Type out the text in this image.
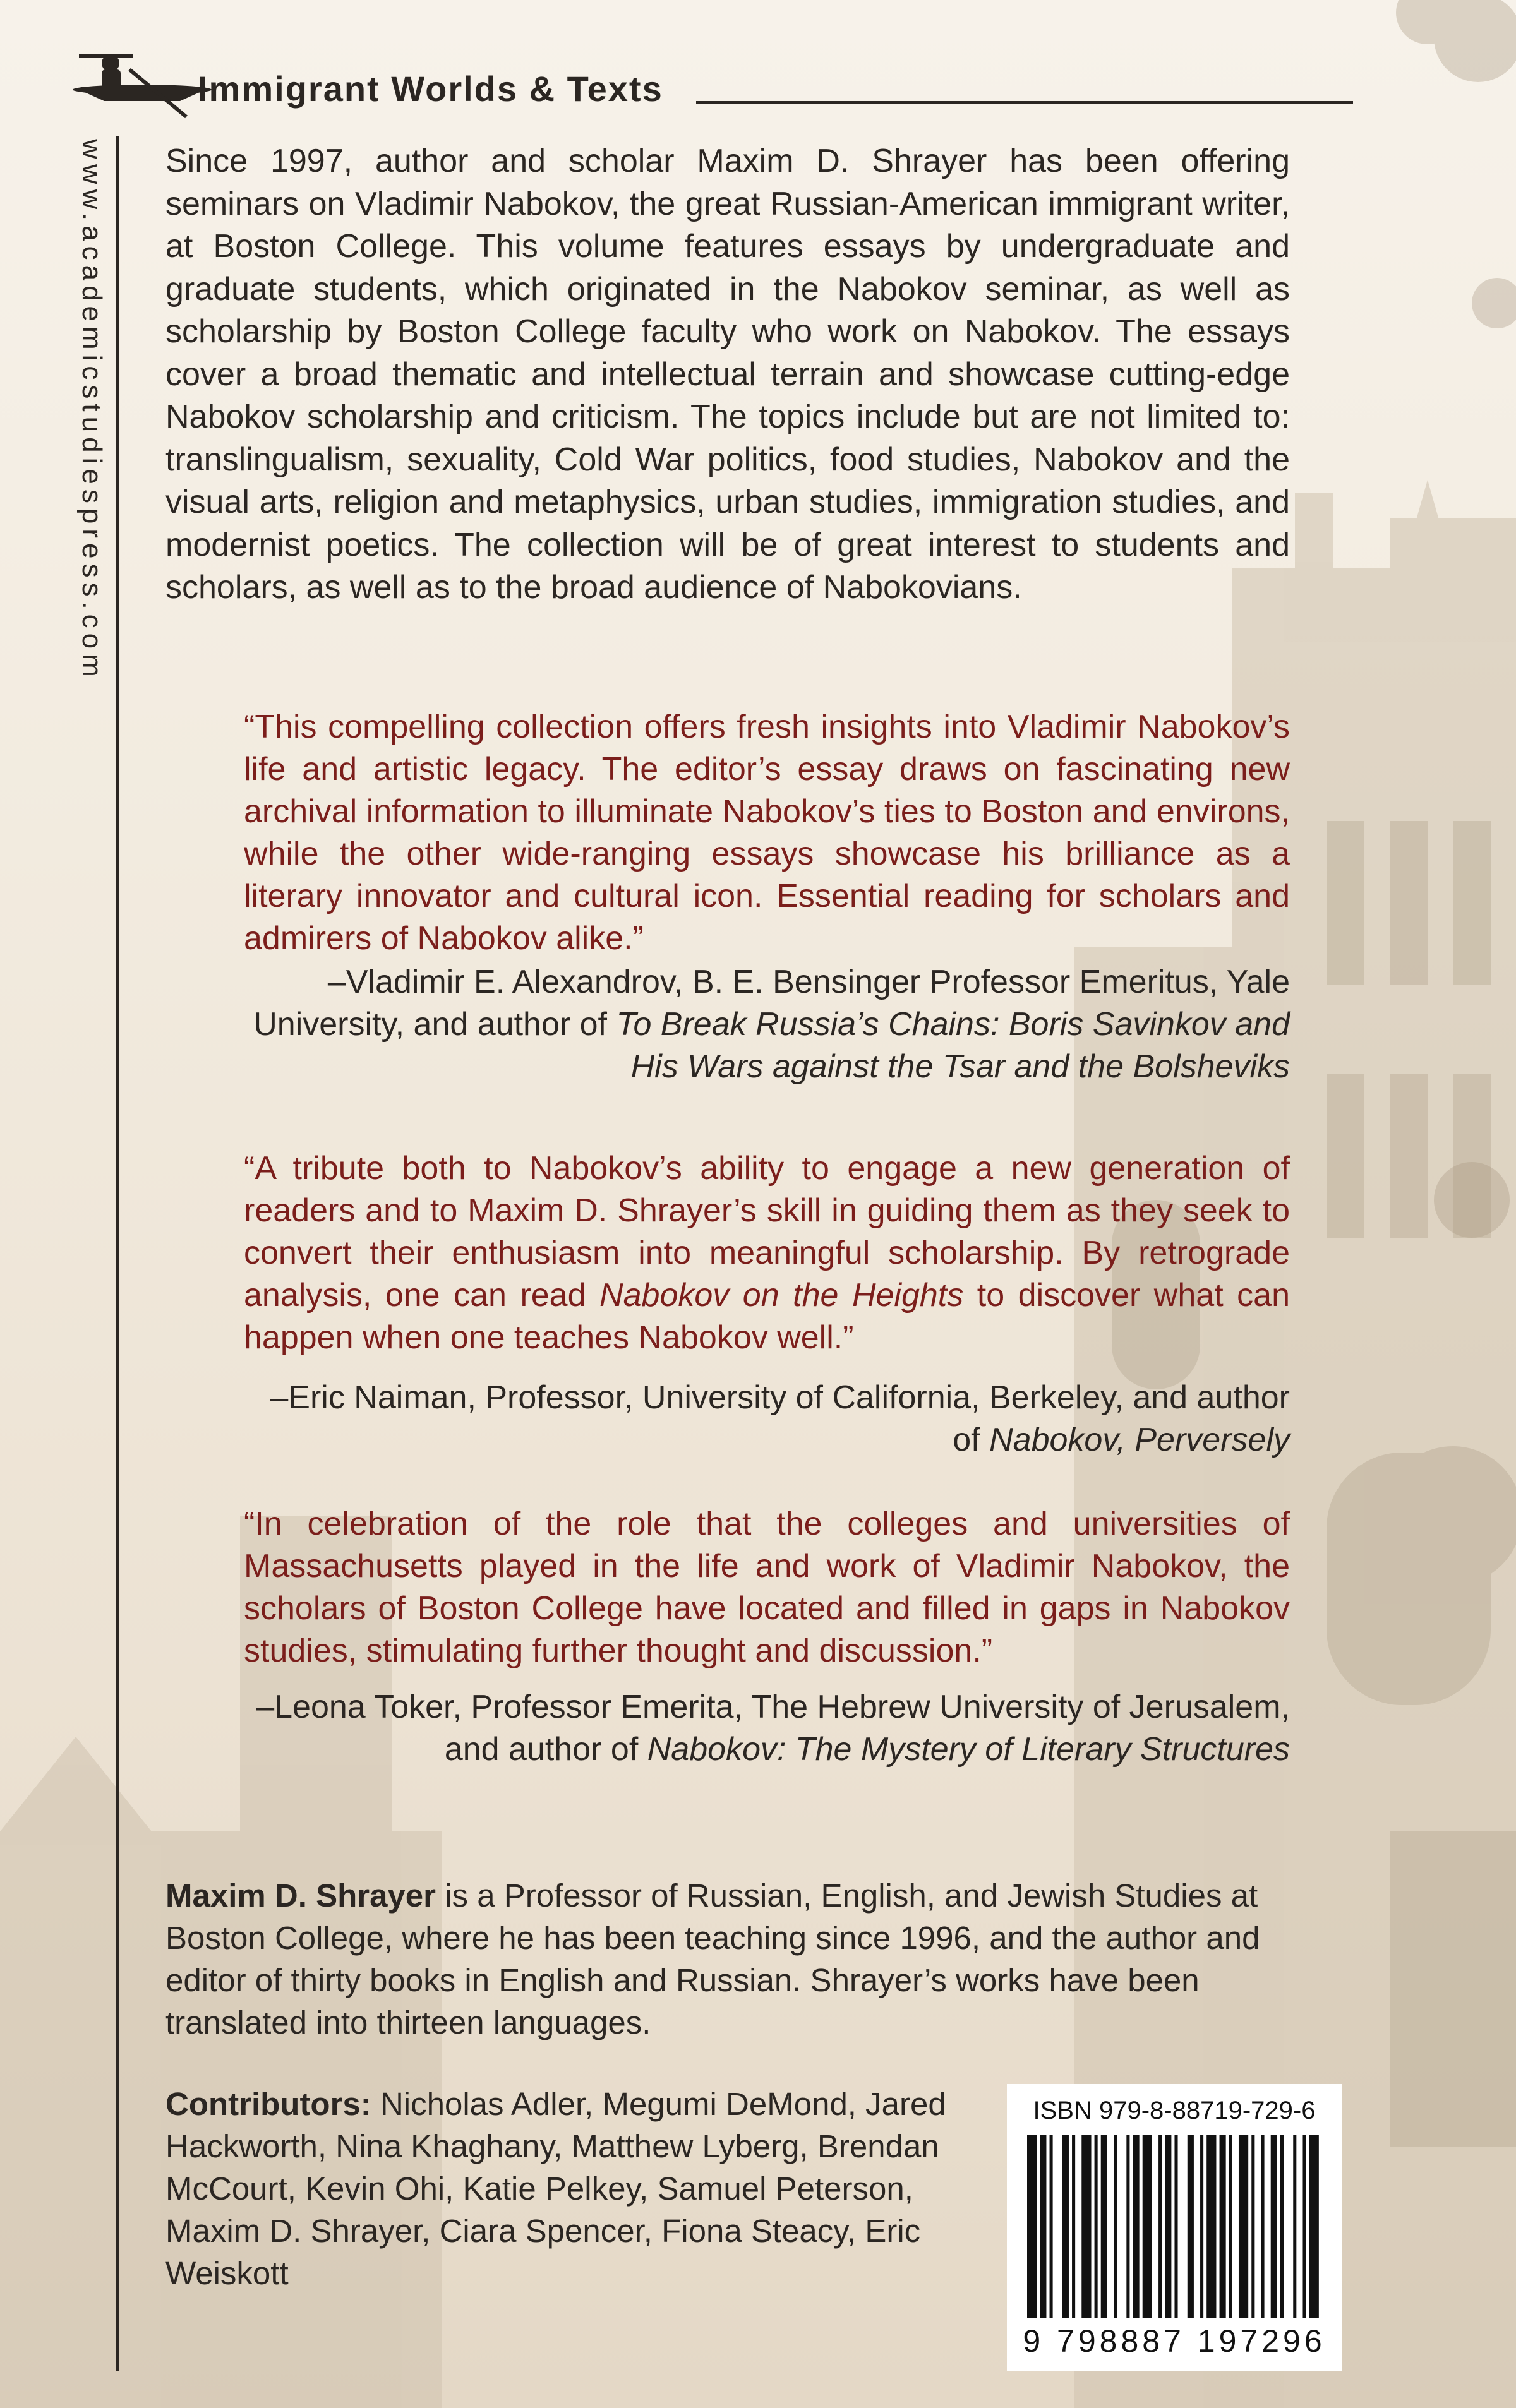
Immigrant Worlds & Texts
www.academicstudiespress.com Since 1997, author and scholar Maxim D. Shrayer has been offering seminars on Vladimir Nabokov, the great Russian-American immigrant writer, at Boston College. This volume features essays by undergraduate and graduate students, which originated in the Nabokov seminar, as well as scholarship by Boston College faculty who work on Nabokov. The essays cover a broad thematic and intellectual terrain and showcase cutting-edge Nabokov scholarship and criticism. The topics include but are not limited to: translingualism, sexuality, Cold War politics, food studies, Nabokov and the visual arts, religion and metaphysics, urban studies, immigration studies, and modernist poetics. The collection will be of great interest to students and scholars, as well as to the broad audience of Nabokovians.
“This compelling collection offers fresh insights into Vladimir Nabokov’s life and artistic legacy. The editor’s essay draws on fascinating new archival information to illuminate Nabokov’s ties to Boston and environs, while the other wide-ranging essays showcase his brilliance as a literary innovator and cultural icon. Essential reading for scholars and admirers of Nabokov alike.”
–Vladimir E. Alexandrov, B. E. Bensinger Professor Emeritus, Yale University, and author of To Break Russia’s Chains: Boris Savinkov and His Wars against the Tsar and the Bolsheviks
“A tribute both to Nabokov’s ability to engage a new generation of readers and to Maxim D. Shrayer’s skill in guiding them as they seek to convert their enthusiasm into meaningful scholarship. By retrograde analysis, one can read Nabokov on the Heights to discover what can happen when one teaches Nabokov well.”
–Eric Naiman, Professor, University of California, Berkeley, and author of Nabokov, Perversely
“In celebration of the role that the colleges and universities of Massachusetts played in the life and work of Vladimir Nabokov, the scholars of Boston College have located and filled in gaps in Nabokov studies, stimulating further thought and discussion.”
–Leona Toker, Professor Emerita, The Hebrew University of Jerusalem, and author of Nabokov: The Mystery of Literary Structures
Maxim D. Shrayer is a Professor of Russian, English, and Jewish Studies at Boston College, where he has been teaching since 1996, and the author and editor of thirty books in English and Russian. Shrayer’s works have been translated into thirteen languages.
Contributors: Nicholas Adler, Megumi DeMond, Jared Hackworth, Nina Khaghany, Matthew Lyberg, Brendan McCourt, Kevin Ohi, Katie Pelkey, Samuel Peterson, Maxim D. Shrayer, Ciara Spencer, Fiona Steacy, Eric Weiskott
ISBN 979-8-88719-729-6
9 798887 197296
